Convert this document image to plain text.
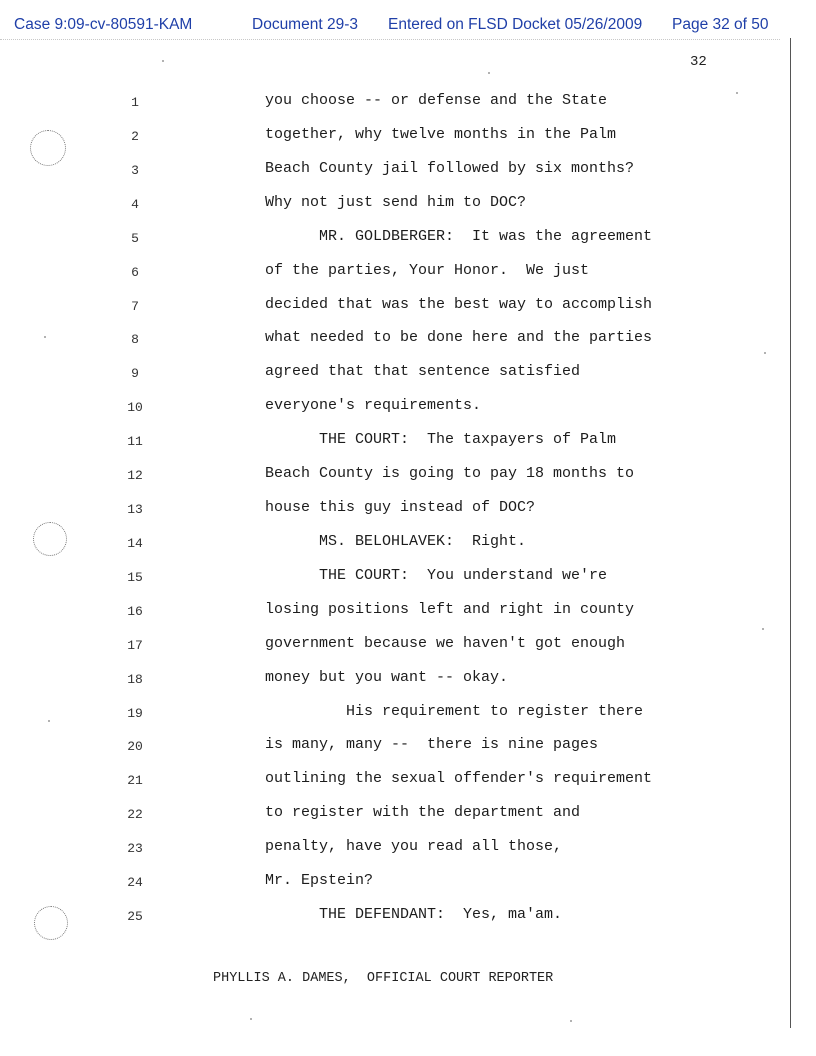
Case 9:09-cv-80591-KAM	Document 29-3 Entered on FLSD Docket 05/26/2009 Page 32 of 50
32
1	you choose -- or defense and the State
2	together, why twelve months in the Palm
3	Beach County jail followed by six months?
4	Why not just send him to DOC?
5	MR. GOLDBERGER:  It was the agreement
6	of the parties, Your Honor.  We just
7	decided that was the best way to accomplish
8	what needed to be done here and the parties
9	agreed that that sentence satisfied
10	everyone's requirements.
11	THE COURT:  The taxpayers of Palm
12	Beach County is going to pay 18 months to
13	house this guy instead of DOC?
14	MS. BELOHLAVEK:  Right.
15	THE COURT:  You understand we're
16	losing positions left and right in county
17	government because we haven't got enough
18	money but you want -- okay.
19	His requirement to register there
20	is many, many --  there is nine pages
21	outlining the sexual offender's requirement
22	to register with the department and
23	penalty, have you read all those,
24	Mr. Epstein?
25	THE DEFENDANT:  Yes, ma'am.
PHYLLIS A. DAMES,  OFFICIAL COURT REPORTER
